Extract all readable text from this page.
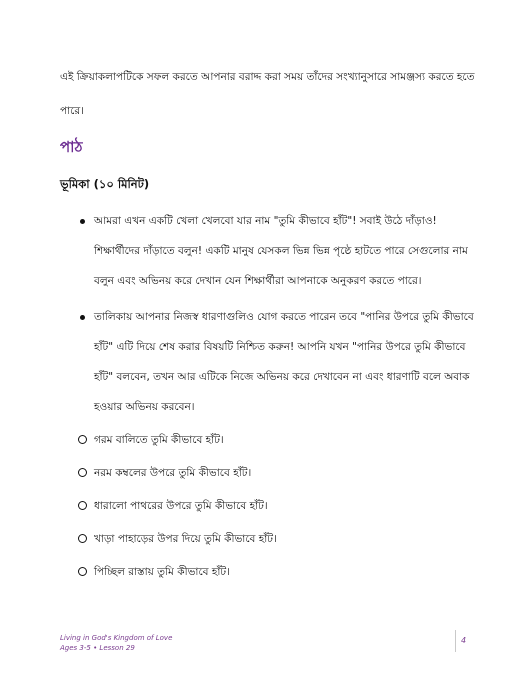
এই ক্রিয়াকলাপটিকে সফল করতে আপনার বরাদ্দ করা সময় তাঁদের সংখ্যানুসারে সামঞ্জস্য করতে হতে পারে।
পাঠ
ভূমিকা (১০ মিনিট)
আমরা এখন একটি খেলা খেলবো যার নাম "তুমি কীভাবে হাঁট"! সবাই উঠে দাঁড়াও! শিক্ষার্থীদের দাঁড়াতে বলুন! একটি মানুষ যেসকল ভিন্ন ভিন্ন পৃষ্ঠে হাটতে পারে সেগুলোর নাম বলুন এবং অভিনয় করে দেখান যেন শিক্ষার্থীরা আপনাকে অনুকরণ করতে পারে।
তালিকায় আপনার নিজস্ব ধারণাগুলিও যোগ করতে পারেন তবে "পানির উপরে তুমি কীভাবে হাঁট" এটি দিয়ে শেষ করার বিষয়টি নিশ্চিত করুন! আপনি যখন "পানির উপরে তুমি কীভাবে হাঁট" বলবেন, তখন আর এটিকে নিজে অভিনয় করে দেখাবেন না এবং ধারণাটি বলে অবাক হওয়ার অভিনয় করবেন।
গরম বালিতে তুমি কীভাবে হাঁট।
নরম কম্বলের উপরে তুমি কীভাবে হাঁট।
ধারালো পাথরের উপরে তুমি কীভাবে হাঁট।
খাড়া পাহাড়ের উপর দিয়ে তুমি কীভাবে হাঁট।
পিচ্ছিল রাস্তায় তুমি কীভাবে হাঁট।
Living in God's Kingdom of Love
Ages 3-5 • Lesson 29
4
